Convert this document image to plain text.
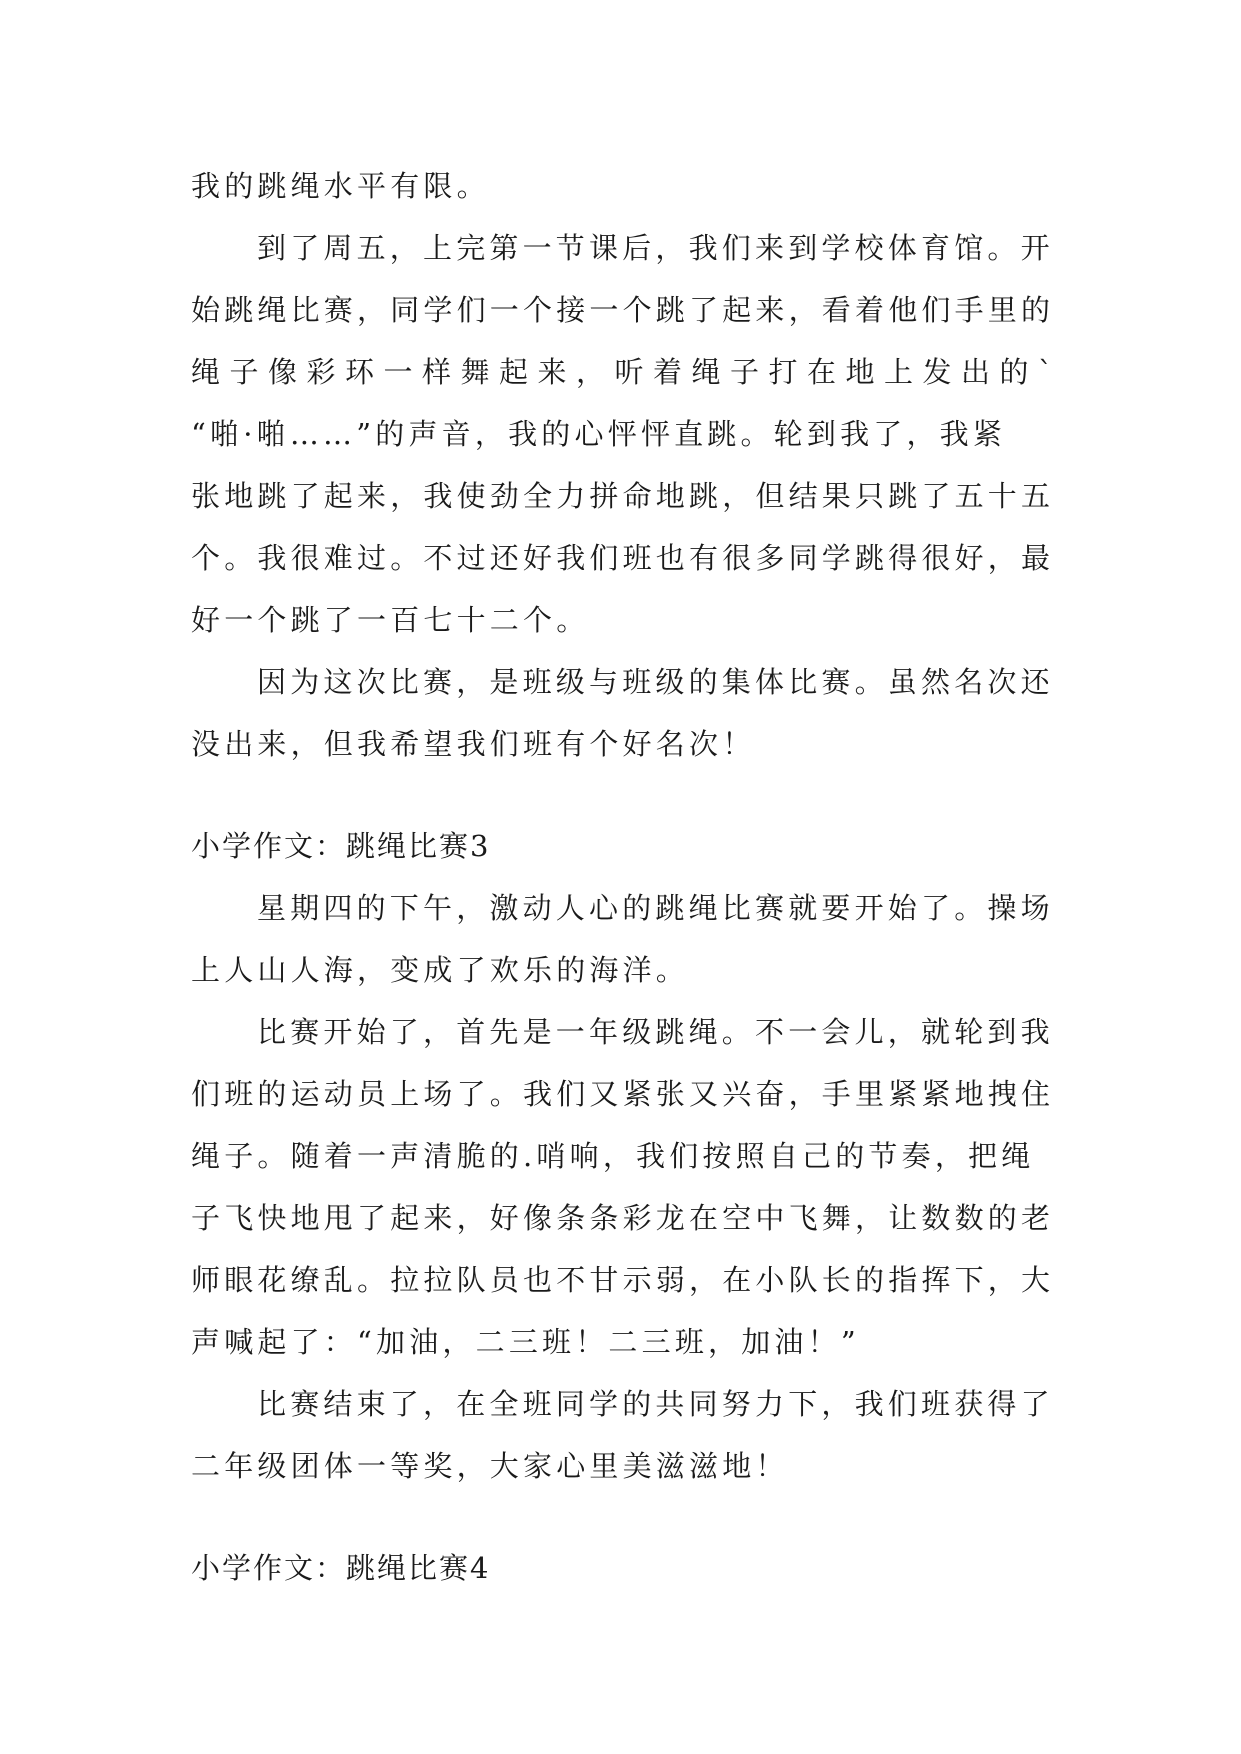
我的跳绳水平有限。
到了周五，上完第一节课后，我们来到学校体育馆。开
始跳绳比赛，同学们一个接一个跳了起来，看着他们手里的
绳子像彩环一样舞起来，听着绳子打在地上发出的`
“啪·啪……”的声音，我的心怦怦直跳。轮到我了，我紧
张地跳了起来，我使劲全力拼命地跳，但结果只跳了五十五
个。我很难过。不过还好我们班也有很多同学跳得很好，最
好一个跳了一百七十二个。
因为这次比赛，是班级与班级的集体比赛。虽然名次还
没出来，但我希望我们班有个好名次！
小学作文：跳绳比赛3
星期四的下午，激动人心的跳绳比赛就要开始了。操场
上人山人海，变成了欢乐的海洋。
比赛开始了，首先是一年级跳绳。不一会儿，就轮到我
们班的运动员上场了。我们又紧张又兴奋，手里紧紧地拽住
绳子。随着一声清脆的.哨响，我们按照自己的节奏，把绳
子飞快地甩了起来，好像条条彩龙在空中飞舞，让数数的老
师眼花缭乱。拉拉队员也不甘示弱，在小队长的指挥下，大
声喊起了：“加油，二三班！二三班，加油！”
比赛结束了，在全班同学的共同努力下，我们班获得了
二年级团体一等奖，大家心里美滋滋地！
小学作文：跳绳比赛4
